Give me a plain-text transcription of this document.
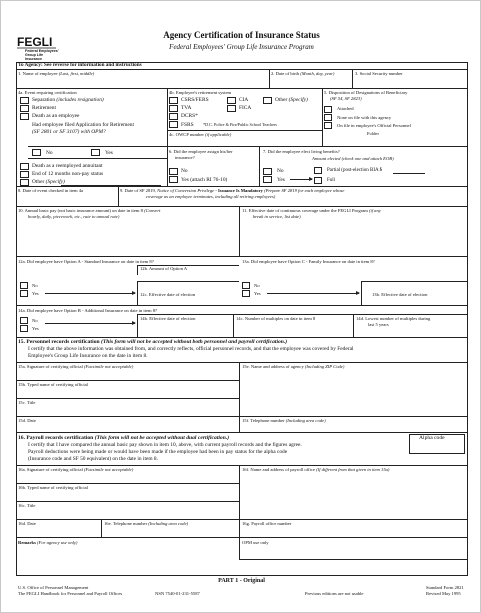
FEGLI
Federal Employees' Group Life Insurance
Agency Certification of Insurance Status
Federal Employees' Group Life Insurance Program
To Agency: See reverse for information and instructions
1. Name of employee (Last, first, middle)	2. Date of birth (Month, day, year)	3. Social Security number
4a. Event requiring certification
Separation (includes resignation)
Retirement
Death as an employee
Had employee filed Application for Retirement
(SF 2801 or SF 3107) with OPM?
No	Yes
Death as a reemployed annuitant
End of 12 months non-pay status
Other (Specify)
4b. Employee's retirement system
CSRS/FERS	CIA	Other (Specify)
TVA	FICA
DCRS*
FSRS *D.C. Police & Fire/Public School Teachers
4c. OWCP number (if applicable)
5. Disposition of Designations of Beneficiary
(SF 54, SF 2823)
Attached
None on file with this agency
On file in employee's Official Personnel
Folder
6. Did the employee assign his/her
insurance?
No
Yes (attach RI 76-10)
7. Did the employee elect living benefits?
Amount elected (check one and attach EOB)
No
Yes
Partial (post-election BIA $
Full
8. Date of event checked in item 4a	9. Date of SF 2819, Notice of Conversion Privilege - Issuance Is Mandatory (Prepare SF 2819 for each employee whose
coverage as an employee terminates, including all retiring employees)
10. Annual basic pay (not basic insurance amount) on date in item 8 (Convert
hourly, daily, piecework, etc., rate to annual rate)
11. Effective date of continuous coverage under the FEGLI Program (if any
break in service, list date)
12a. Did employee have Option A - Standard Insurance on date in item 8?
12b. Amount of Option A
No
Yes	12c. Effective date of election
13a. Did employee have Option C - Family Insurance on date in item 8?
No
Yes	13b. Effective date of election
14a. Did employee have Option B - Additional Insurance on date in item 8?
No
Yes
14b. Effective date of election	14c. Number of multiples on date in item 8	14d. Lowest number of multiples during
last 5 years
15. Personnel records certification (This form will not be accepted without both personnel and payroll certification.)
I certify that the above information was obtained from, and correctly reflects, official personnel records, and that the employee was covered by Federal
Employee's Group Life Insurance on the date in item 8.
15a. Signature of certifying official (Facsimile not acceptable)
15b. Typed name of certifying official
15c. Title
15d. Date
15e. Name and address of agency (Including ZIP Code)
15f. Telephone number (Including area code)
16. Payroll records certification (This form will not be accepted without dual certification.)	Alpha code
I certify that I have compared the annual basic pay shown in item 10, above, with current payroll records and the figures agree.
Payroll deductions were being made or would have been made if the employee had been in pay status for the alpha code
(Insurance code and SF 50 equivalent) on the date in item 8.
16a. Signature of certifying official (Facsimile not acceptable)
16b. Typed name of certifying official
16c. Title
16d. Date	16e. Telephone number (Including area code)
16f. Name and address of payroll office (If different from that given in item 15a)
16g. Payroll office number
Remarks (For agency use only)	OPM use only
PART 1 - Original
U.S. Office of Personnel Management
The FEGLI Handbook for Personnel and Payroll Offices	NSN 7540-01-231-5587	Previous editions are not usable
Standard Form 2821
Revised May 1995
